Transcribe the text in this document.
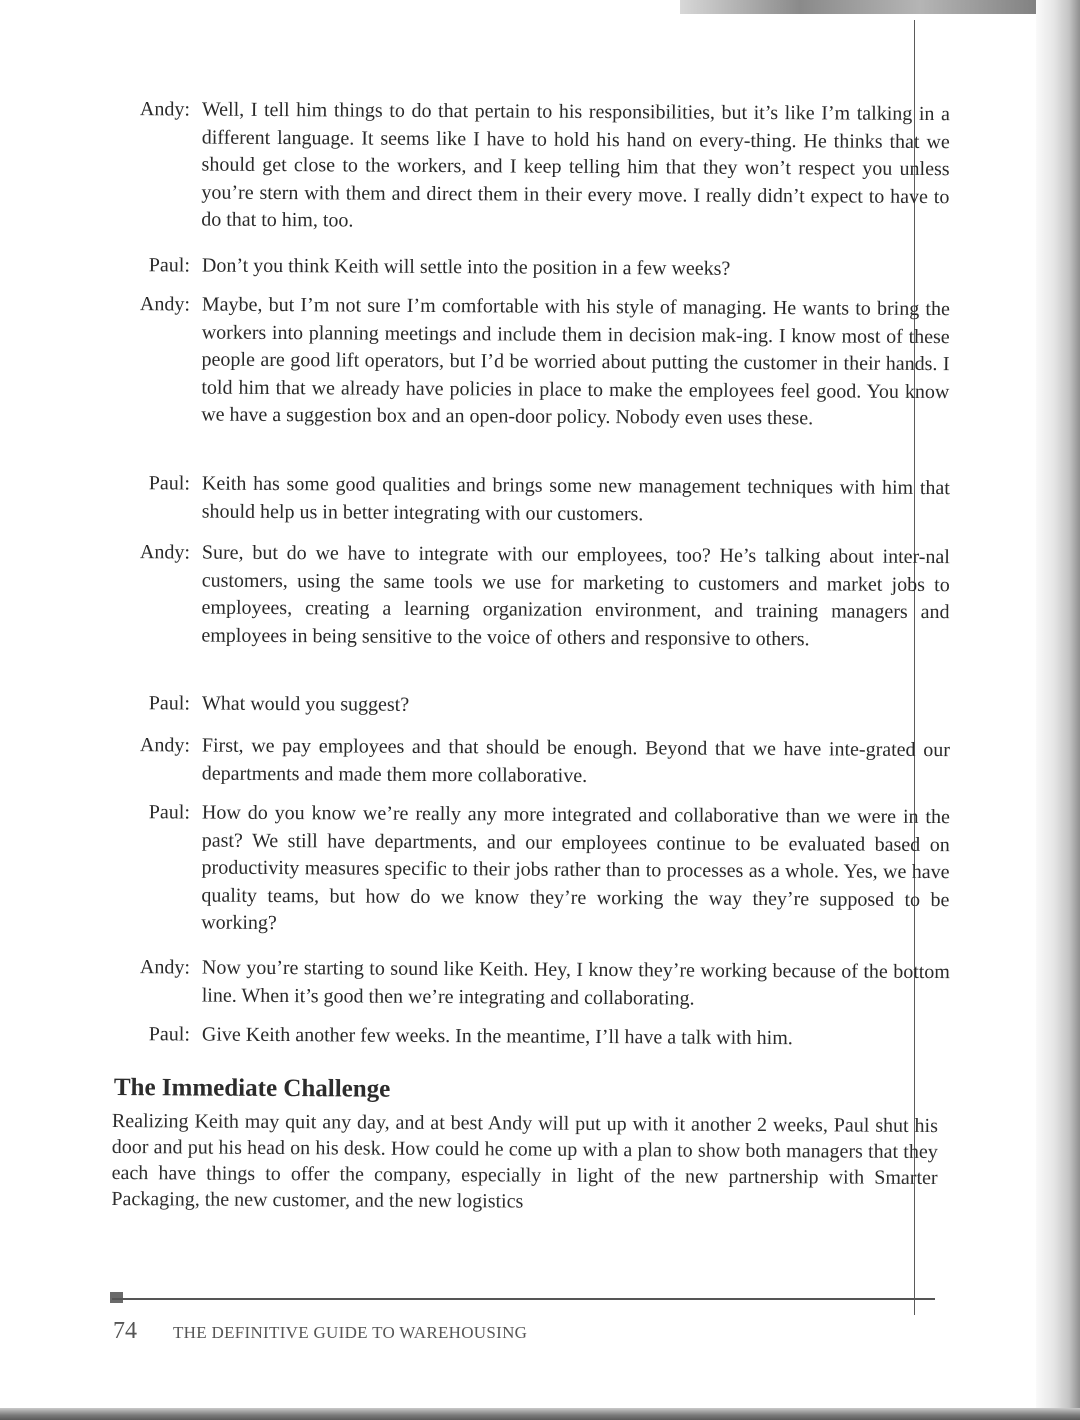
Andy: Well, I tell him things to do that pertain to his responsibilities, but it’s like I’m talking in a different language. It seems like I have to hold his hand on every-thing. He thinks that we should get close to the workers, and I keep telling him that they won’t respect you unless you’re stern with them and direct them in their every move. I really didn’t expect to have to do that to him, too.
Paul: Don’t you think Keith will settle into the position in a few weeks?
Andy: Maybe, but I’m not sure I’m comfortable with his style of managing. He wants to bring the workers into planning meetings and include them in decision mak-ing. I know most of these people are good lift operators, but I’d be worried about putting the customer in their hands. I told him that we already have policies in place to make the employees feel good. You know we have a suggestion box and an open-door policy. Nobody even uses these.
Paul: Keith has some good qualities and brings some new management techniques with him that should help us in better integrating with our customers.
Andy: Sure, but do we have to integrate with our employees, too? He’s talking about inter-nal customers, using the same tools we use for marketing to customers and market jobs to employees, creating a learning organization environment, and training managers and employees in being sensitive to the voice of others and responsive to others.
Paul: What would you suggest?
Andy: First, we pay employees and that should be enough. Beyond that we have inte-grated our departments and made them more collaborative.
Paul: How do you know we’re really any more integrated and collaborative than we were in the past? We still have departments, and our employees continue to be evaluated based on productivity measures specific to their jobs rather than to processes as a whole. Yes, we have quality teams, but how do we know they’re working the way they’re supposed to be working?
Andy: Now you’re starting to sound like Keith. Hey, I know they’re working because of the bottom line. When it’s good then we’re integrating and collaborating.
Paul: Give Keith another few weeks. In the meantime, I’ll have a talk with him.
The Immediate Challenge

Realizing Keith may quit any day, and at best Andy will put up with it another 2 weeks, Paul shut his door and put his head on his desk. How could he come up with a plan to show both managers that they each have things to offer the company, especially in light of the new partnership with Smarter Packaging, the new customer, and the new logistics

74 THE DEFINITIVE GUIDE TO WAREHOUSING
